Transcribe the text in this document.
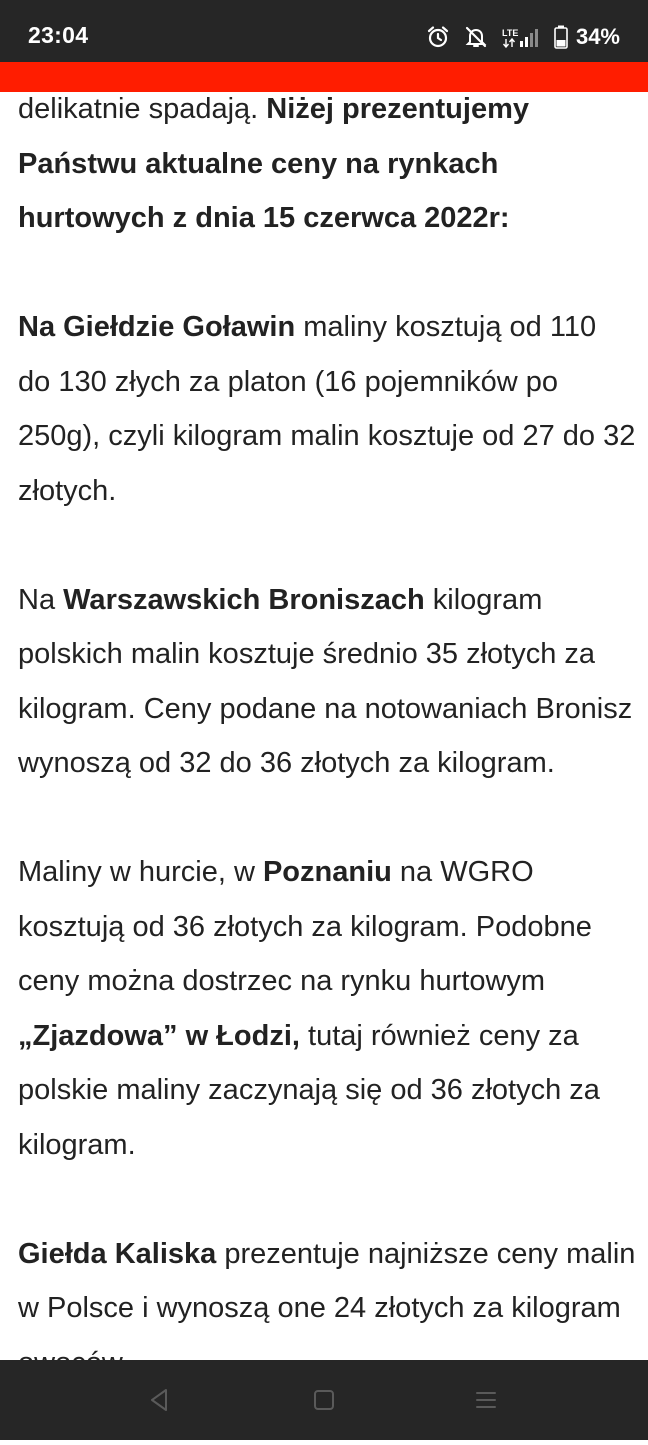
23:04	LTE	34%

delikatnie spadają. Niżej prezentujemy Państwu aktualne ceny na rynkach hurtowych z dnia 15 czerwca 2022r:

Na Giełdzie Goławin maliny kosztują od 110 do 130 złych za platon (16 pojemników po 250g), czyli kilogram malin kosztuje od 27 do 32 złotych.

Na Warszawskich Broniszach kilogram polskich malin kosztuje średnio 35 złotych za kilogram. Ceny podane na notowaniach Bronisz wynoszą od 32 do 36 złotych za kilogram.

Maliny w hurcie, w Poznaniu na WGRO kosztują od 36 złotych za kilogram. Podobne ceny można dostrzec na rynku hurtowym „Zjazdowa” w Łodzi, tutaj również ceny za polskie maliny zaczynają się od 36 złotych za kilogram.

Giełda Kaliska prezentuje najniższe ceny malin w Polsce i wynoszą one 24 złotych za kilogram
